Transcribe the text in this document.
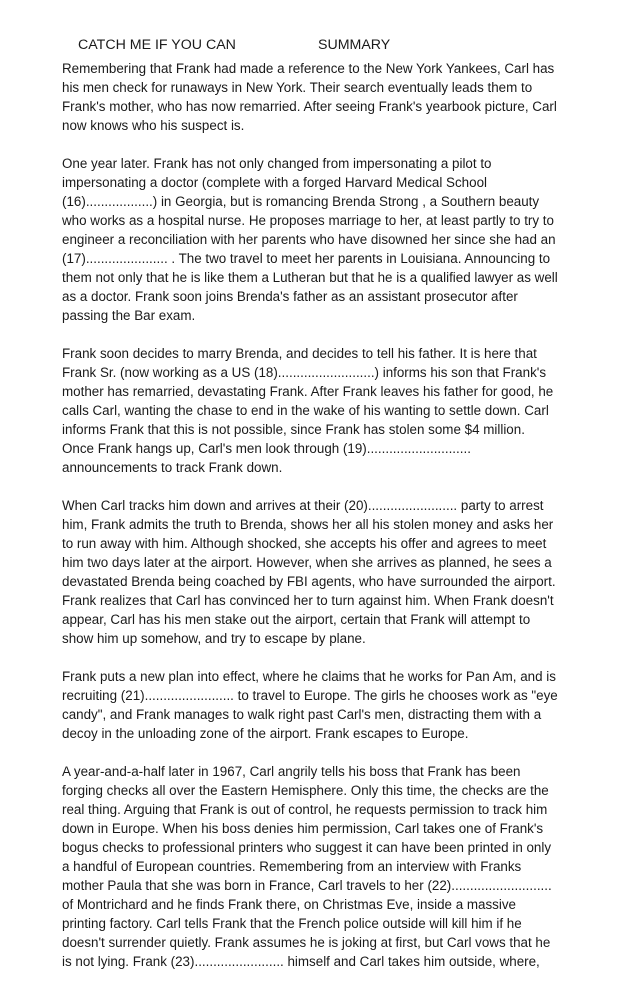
CATCH ME IF YOU CAN	SUMMARY

Remembering that Frank had made a reference to the New York Yankees, Carl has
his men check for runaways in New York. Their search eventually leads them to
Frank's mother, who has now remarried. After seeing Frank's yearbook picture, Carl
now knows who his suspect is.

One year later. Frank has not only changed from impersonating a pilot to
impersonating a doctor (complete with a forged Harvard Medical School
(16)..................) in Georgia, but is romancing Brenda Strong , a Southern beauty
who works as a hospital nurse. He proposes marriage to her, at least partly to try to
engineer a reconciliation with her parents who have disowned her since she had an
(17)...................... . The two travel to meet her parents in Louisiana. Announcing to
them not only that he is like them a Lutheran but that he is a qualified lawyer as well
as a doctor. Frank soon joins Brenda's father as an assistant prosecutor after
passing the Bar exam.

Frank soon decides to marry Brenda, and decides to tell his father. It is here that
Frank Sr. (now working as a US (18)..........................) informs his son that Frank's
mother has remarried, devastating Frank. After Frank leaves his father for good, he
calls Carl, wanting the chase to end in the wake of his wanting to settle down. Carl
informs Frank that this is not possible, since Frank has stolen some $4 million.
Once Frank hangs up, Carl's men look through (19)............................
announcements to track Frank down.

When Carl tracks him down and arrives at their (20)........................ party to arrest
him, Frank admits the truth to Brenda, shows her all his stolen money and asks her
to run away with him. Although shocked, she accepts his offer and agrees to meet
him two days later at the airport. However, when she arrives as planned, he sees a
devastated Brenda being coached by FBI agents, who have surrounded the airport.
Frank realizes that Carl has convinced her to turn against him. When Frank doesn't
appear, Carl has his men stake out the airport, certain that Frank will attempt to
show him up somehow, and try to escape by plane.

Frank puts a new plan into effect, where he claims that he works for Pan Am, and is
recruiting (21)........................ to travel to Europe. The girls he chooses work as "eye
candy", and Frank manages to walk right past Carl's men, distracting them with a
decoy in the unloading zone of the airport. Frank escapes to Europe.

A year-and-a-half later in 1967, Carl angrily tells his boss that Frank has been
forging checks all over the Eastern Hemisphere. Only this time, the checks are the
real thing. Arguing that Frank is out of control, he requests permission to track him
down in Europe. When his boss denies him permission, Carl takes one of Frank's
bogus checks to professional printers who suggest it can have been printed in only
a handful of European countries. Remembering from an interview with Franks
mother Paula that she was born in France, Carl travels to her (22)...........................
of Montrichard and he finds Frank there, on Christmas Eve, inside a massive
printing factory. Carl tells Frank that the French police outside will kill him if he
doesn't surrender quietly. Frank assumes he is joking at first, but Carl vows that he
is not lying. Frank (23)........................ himself and Carl takes him outside, where,
